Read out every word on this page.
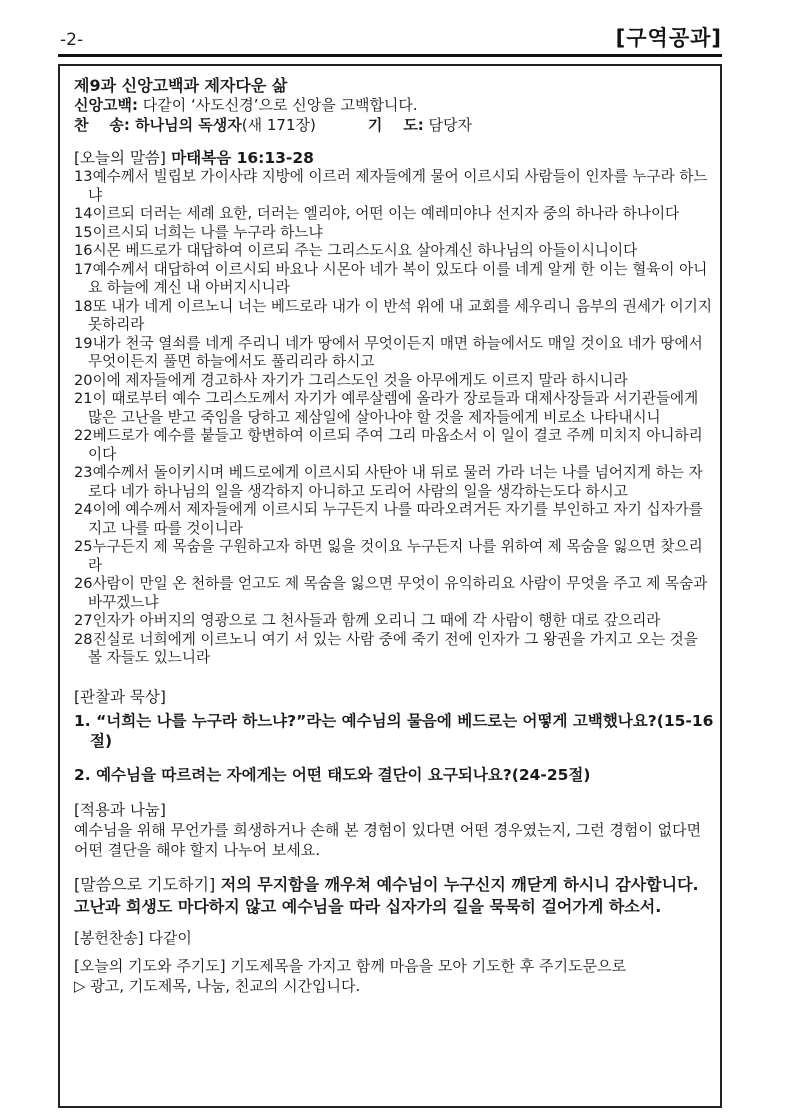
-2-	[구역공과]

제9과 신앙고백과 제자다운 삶

신앙고백: 다같이 ‘사도신경’으로 신앙을 고백합니다.
찬    송: 하나님의 독생자 (새 171장)	기    도: 담당자
[오늘의 말씀] 마태복음 16:13-28
13예수께서 빌립보 가이사랴 지방에 이르러 제자들에게 물어 이르시되 사람들이 인자를 누구라 하느냐
14이르되 더러는 세례 요한, 더러는 엘리야, 어떤 이는 예레미야나 선지자 중의 하나라 하나이다
15이르시되 너희는 나를 누구라 하느냐
16시몬 베드로가 대답하여 이르되 주는 그리스도시요 살아계신 하나님의 아들이시니이다
17예수께서 대답하여 이르시되 바요나 시몬아 네가 복이 있도다 이를 네게 알게 한 이는 혈육이 아니요 하늘에 계신 내 아버지시니라
18또 내가 네게 이르노니 너는 베드로라 내가 이 반석 위에 내 교회를 세우리니 음부의 권세가 이기지 못하리라
19내가 천국 열쇠를 네게 주리니 네가 땅에서 무엇이든지 매면 하늘에서도 매일 것이요 네가 땅에서 무엇이든지 풀면 하늘에서도 풀리리라 하시고
20이에 제자들에게 경고하사 자기가 그리스도인 것을 아무에게도 이르지 말라 하시니라
21이 때로부터 예수 그리스도께서 자기가 예루살렘에 올라가 장로들과 대제사장들과 서기관들에게 많은 고난을 받고 죽임을 당하고 제삼일에 살아나야 할 것을 제자들에게 비로소 나타내시니
22베드로가 예수를 붙들고 항변하여 이르되 주여 그리 마옵소서 이 일이 결코 주께 미치지 아니하리이다
23예수께서 돌이키시며 베드로에게 이르시되 사탄아 내 뒤로 물러 가라 너는 나를 넘어지게 하는 자로다 네가 하나님의 일을 생각하지 아니하고 도리어 사람의 일을 생각하는도다 하시고
24이에 예수께서 제자들에게 이르시되 누구든지 나를 따라오려거든 자기를 부인하고 자기 십자가를 지고 나를 따를 것이니라
25누구든지 제 목숨을 구원하고자 하면 잃을 것이요 누구든지 나를 위하여 제 목숨을 잃으면 찾으리라
26사람이 만일 온 천하를 얻고도 제 목숨을 잃으면 무엇이 유익하리요 사람이 무엇을 주고 제 목숨과 바꾸겠느냐
27인자가 아버지의 영광으로 그 천사들과 함께 오리니 그 때에 각 사람이 행한 대로 갚으리라
28진실로 너희에게 이르노니 여기 서 있는 사람 중에 죽기 전에 인자가 그 왕권을 가지고 오는 것을 볼 자들도 있느니라
[관찰과 묵상]
1. “너희는 나를 누구라 하느냐?”라는 예수님의 물음에 베드로는 어떻게 고백했나요?(15-16절)
2. 예수님을 따르려는 자에게는 어떤 태도와 결단이 요구되나요?(24-25절)
[적용과 나눔]
예수님을 위해 무언가를 희생하거나 손해 본 경험이 있다면 어떤 경우였는지, 그런 경험이 없다면 어떤 결단을 해야 할지 나누어 보세요.
[말씀으로 기도하기] 저의 무지함을 깨우쳐 예수님이 누구신지 깨닫게 하시니 감사합니다. 고난과 희생도 마다하지 않고 예수님을 따라 십자가의 길을 묵묵히 걸어가게 하소서.
[봉헌찬송] 다같이
[오늘의 기도와 주기도] 기도제목을 가지고 함께 마음을 모아 기도한 후 주기도문으로
▷ 광고, 기도제목, 나눔, 친교의 시간입니다.
